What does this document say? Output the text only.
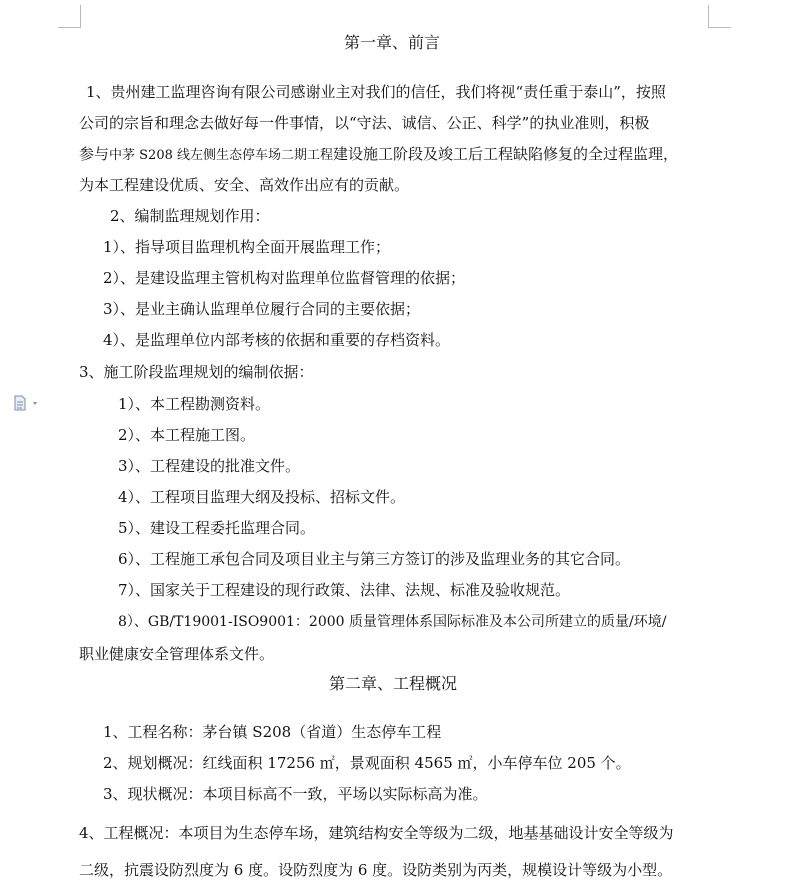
第一章、前言
1、贵州建工监理咨询有限公司感谢业主对我们的信任，我们将视“责任重于泰山”，按照
公司的宗旨和理念去做好每一件事情，以“守法、诚信、公正、科学”的执业准则，积极
参与中茅 S208 线左侧生态停车场二期工程建设施工阶段及竣工后工程缺陷修复的全过程监理，
为本工程建设优质、安全、高效作出应有的贡献。
2、编制监理规划作用：
1）、指导项目监理机构全面开展监理工作；
2）、是建设监理主管机构对监理单位监督管理的依据；
3）、是业主确认监理单位履行合同的主要依据；
4）、是监理单位内部考核的依据和重要的存档资料。
3、施工阶段监理规划的编制依据：
1）、本工程勘测资料。
2）、本工程施工图。
3）、工程建设的批准文件。
4）、工程项目监理大纲及投标、招标文件。
5）、建设工程委托监理合同。
6）、工程施工承包合同及项目业主与第三方签订的涉及监理业务的其它合同。
7）、国家关于工程建设的现行政策、法律、法规、标准及验收规范。
8）、GB/T19001-ISO9001：2000 质量管理体系国际标准及本公司所建立的质量/环境/
职业健康安全管理体系文件。
第二章、工程概况
1、工程名称：茅台镇 S208（省道）生态停车工程
2、规划概况：红线面积 17256 ㎡，景观面积 4565 ㎡，小车停车位 205 个。
3、现状概况：本项目标高不一致，平场以实际标高为准。
4、工程概况：本项目为生态停车场，建筑结构安全等级为二级，地基基础设计安全等级为
二级，抗震设防烈度为 6 度。设防烈度为 6 度。设防类别为丙类，规模设计等级为小型。
